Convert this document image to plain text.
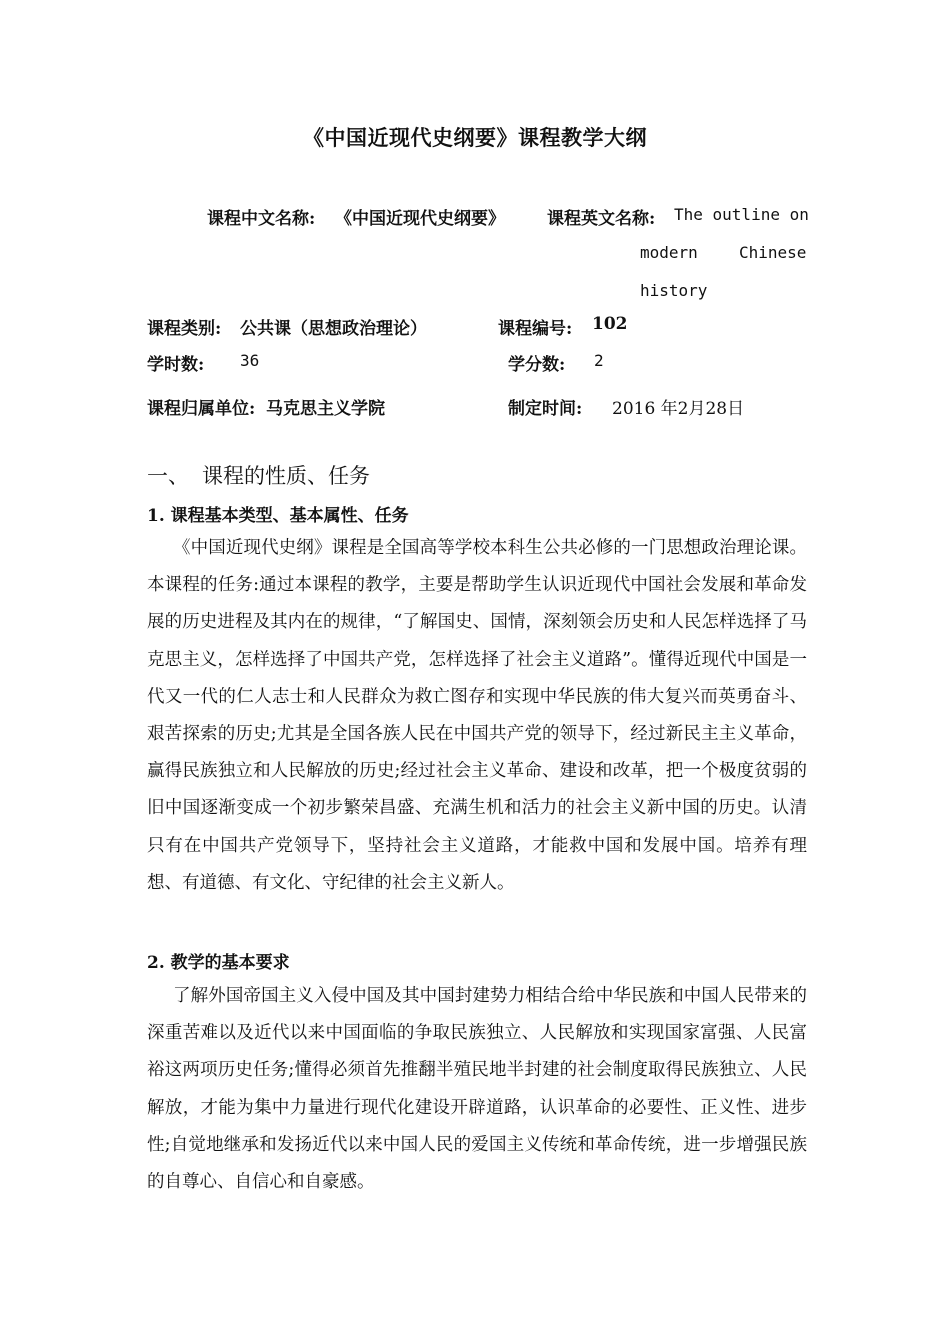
《中国近现代史纲要》课程教学大纲
课程中文名称: 《中国近现代史纲要》 课程英文名称: The outline on
modern	Chinese
history
课程类别: 公共课（思想政治理论）	课程编号: 102
学时数: 36	学分数: 2
课程归属单位: 马克思主义学院	制定时间: 2016 年2月28日
一、 课程的性质、任务
1. 课程基本类型、基本属性、任务
《中国近现代史纲》课程是全国高等学校本科生公共必修的一门思想政治理论课。本课程的任务:通过本课程的教学，主要是帮助学生认识近现代中国社会发展和革命发展的历史进程及其内在的规律，“了解国史、国情，深刻领会历史和人民怎样选择了马克思主义，怎样选择了中国共产党，怎样选择了社会主义道路”。懂得近现代中国是一代又一代的仁人志士和人民群众为救亡图存和实现中华民族的伟大复兴而英勇奋斗、艰苦探索的历史;尤其是全国各族人民在中国共产党的领导下，经过新民主主义革命，赢得民族独立和人民解放的历史;经过社会主义革命、建设和改革，把一个极度贫弱的旧中国逐渐变成一个初步繁荣昌盛、充满生机和活力的社会主义新中国的历史。认清只有在中国共产党领导下，坚持社会主义道路，才能救中国和发展中国。培养有理想、有道德、有文化、守纪律的社会主义新人。
2. 教学的基本要求
了解外国帝国主义入侵中国及其中国封建势力相结合给中华民族和中国人民带来的深重苦难以及近代以来中国面临的争取民族独立、人民解放和实现国家富强、人民富裕这两项历史任务;懂得必须首先推翻半殖民地半封建的社会制度取得民族独立、人民解放，才能为集中力量进行现代化建设开辟道路，认识革命的必要性、正义性、进步性;自觉地继承和发扬近代以来中国人民的爱国主义传统和革命传统，进一步增强民族的自尊心、自信心和自豪感。
